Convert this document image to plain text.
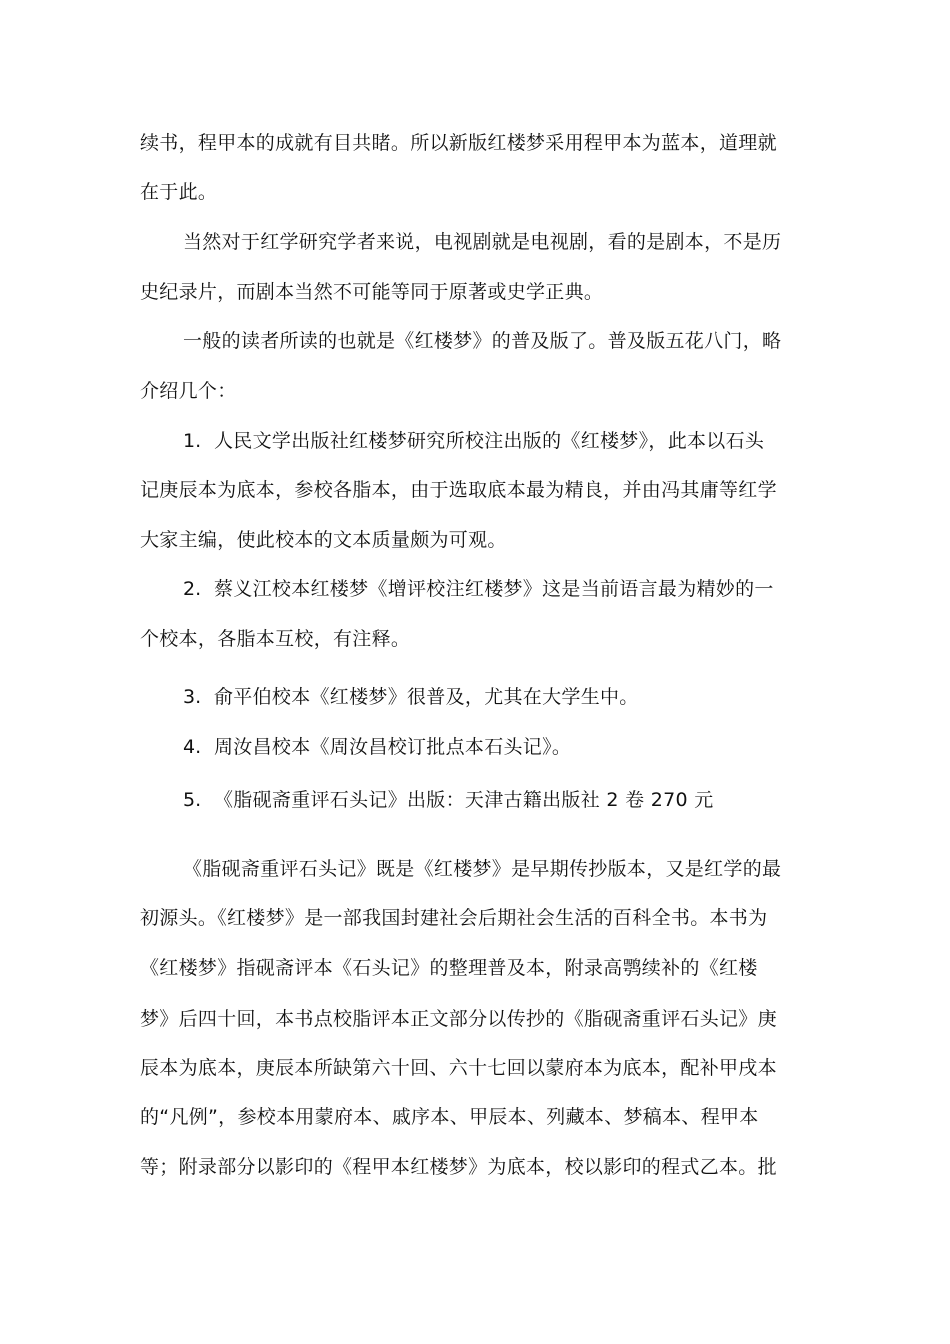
续书，程甲本的成就有目共睹。所以新版红楼梦采用程甲本为蓝本，道理就
在于此。
当然对于红学研究学者来说，电视剧就是电视剧，看的是剧本，不是历
史纪录片，而剧本当然不可能等同于原著或史学正典。
一般的读者所读的也就是《红楼梦》的普及版了。普及版五花八门，略
介绍几个：
1. 人民文学出版社红楼梦研究所校注出版的《红楼梦》，此本以石头
记庚辰本为底本，参校各脂本，由于选取底本最为精良，并由冯其庸等红学
大家主编，使此校本的文本质量颇为可观。
2. 蔡义江校本红楼梦《增评校注红楼梦》这是当前语言最为精妙的一
个校本，各脂本互校，有注释。
3. 俞平伯校本《红楼梦》很普及，尤其在大学生中。
4. 周汝昌校本《周汝昌校订批点本石头记》。
5. 《脂砚斋重评石头记》出版：天津古籍出版社 2 卷 270 元
《脂砚斋重评石头记》既是《红楼梦》是早期传抄版本，又是红学的最
初源头。《红楼梦》是一部我国封建社会后期社会生活的百科全书。本书为
《红楼梦》指砚斋评本《石头记》的整理普及本，附录高鹗续补的《红楼
梦》后四十回，本书点校脂评本正文部分以传抄的《脂砚斋重评石头记》庚
辰本为底本，庚辰本所缺第六十回、六十七回以蒙府本为底本，配补甲戌本
的“凡例”，参校本用蒙府本、戚序本、甲辰本、列藏本、梦稿本、程甲本
等；附录部分以影印的《程甲本红楼梦》为底本，校以影印的程式乙本。批
